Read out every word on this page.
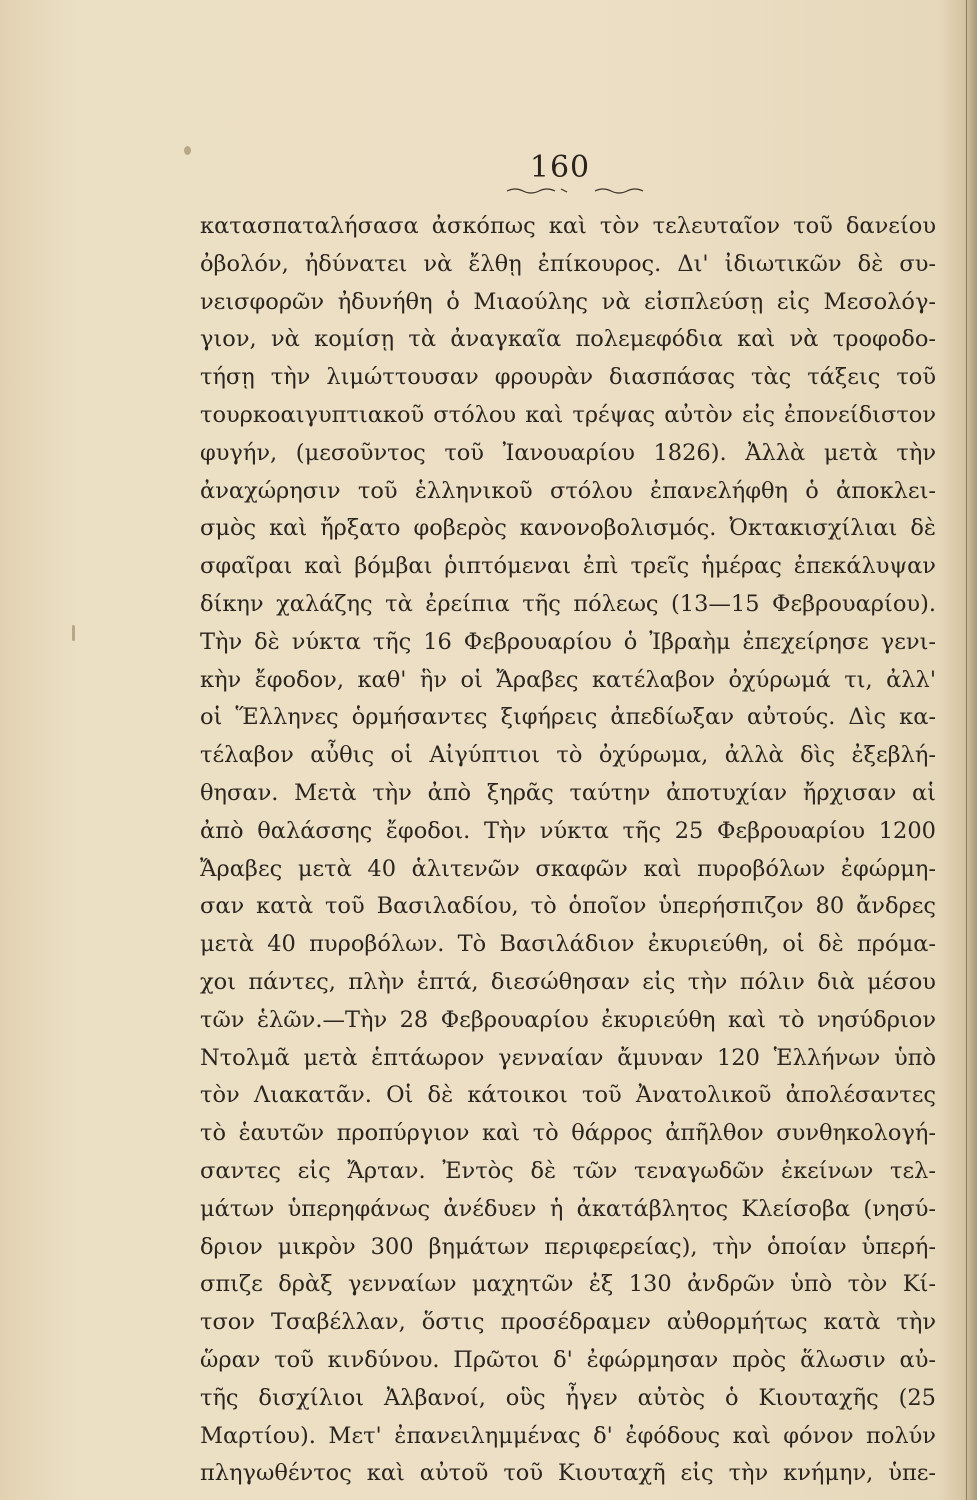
160
κατασπαταλήσασα ἀσκόπως καὶ τὸν τελευταῖον τοῦ δανείου
ὀβολόν, ἠδύνατει νὰ ἔλθῃ ἐπίκουρος. Δι' ἰδιωτικῶν δὲ συ-
νεισφορῶν ἠδυνήθη ὁ Μιαούλης νὰ εἰσπλεύσῃ εἰς Μεσολόγ-
γιον, νὰ κομίσῃ τὰ ἀναγκαῖα πολεμεφόδια καὶ νὰ τροφοδο-
τήσῃ τὴν λιμώττουσαν φρουρὰν διασπάσας τὰς τάξεις τοῦ
τουρκοαιγυπτιακοῦ στόλου καὶ τρέψας αὐτὸν εἰς ἐπονείδιστον
φυγήν, (μεσοῦντος τοῦ Ἰανουαρίου 1826). Ἀλλὰ μετὰ τὴν
ἀναχώρησιν τοῦ ἑλληνικοῦ στόλου ἐπανελήφθη ὁ ἀποκλει-
σμὸς καὶ ἤρξατο φοβερὸς κανονοβολισμός. Ὀκτακισχίλιαι δὲ
σφαῖραι καὶ βόμβαι ῥιπτόμεναι ἐπὶ τρεῖς ἡμέρας ἐπεκάλυψαν
δίκην χαλάζης τὰ ἐρείπια τῆς πόλεως (13—15 Φεβρουαρίου).
Τὴν δὲ νύκτα τῆς 16 Φεβρουαρίου ὁ Ἰβραὴμ ἐπεχείρησε γενι-
κὴν ἔφοδον, καθ' ἣν οἱ Ἄραβες κατέλαβον ὀχύρωμά τι, ἀλλ'
οἱ Ἕλληνες ὁρμήσαντες ξιφήρεις ἀπεδίωξαν αὐτούς. Δὶς κα-
τέλαβον αὖθις οἱ Αἰγύπτιοι τὸ ὀχύρωμα, ἀλλὰ δὶς ἐξεβλή-
θησαν. Μετὰ τὴν ἀπὸ ξηρᾶς ταύτην ἀποτυχίαν ἤρχισαν αἱ
ἀπὸ θαλάσσης ἔφοδοι. Τὴν νύκτα τῆς 25 Φεβρουαρίου 1200
Ἄραβες μετὰ 40 ἁλιτενῶν σκαφῶν καὶ πυροβόλων ἐφώρμη-
σαν κατὰ τοῦ Βασιλαδίου, τὸ ὁποῖον ὑπερήσπιζον 80 ἄνδρες
μετὰ 40 πυροβόλων. Τὸ Βασιλάδιον ἐκυριεύθη, οἱ δὲ πρόμα-
χοι πάντες, πλὴν ἑπτά, διεσώθησαν εἰς τὴν πόλιν διὰ μέσου
τῶν ἑλῶν.—Τὴν 28 Φεβρουαρίου ἐκυριεύθη καὶ τὸ νησύδριον
Ντολμᾶ μετὰ ἑπτάωρον γενναίαν ἄμυναν 120 Ἑλλήνων ὑπὸ
τὸν Λιακατᾶν. Οἱ δὲ κάτοικοι τοῦ Ἀνατολικοῦ ἀπολέσαντες
τὸ ἑαυτῶν προπύργιον καὶ τὸ θάρρος ἀπῆλθον συνθηκολογή-
σαντες εἰς Ἄρταν. Ἐντὸς δὲ τῶν τεναγωδῶν ἐκείνων τελ-
μάτων ὑπερηφάνως ἀνέδυεν ἡ ἀκατάβλητος Κλείσοβα (νησύ-
δριον μικρὸν 300 βημάτων περιφερείας), τὴν ὁποίαν ὑπερή-
σπιζε δρὰξ γενναίων μαχητῶν ἐξ 130 ἀνδρῶν ὑπὸ τὸν Κί-
τσον Τσαβέλλαν, ὅστις προσέδραμεν αὐθορμήτως κατὰ τὴν
ὥραν τοῦ κινδύνου. Πρῶτοι δ' ἐφώρμησαν πρὸς ἅλωσιν αὐ-
τῆς δισχίλιοι Ἀλβανοί, οὓς ἦγεν αὐτὸς ὁ Κιουταχῆς (25
Μαρτίου). Μετ' ἐπανειλημμένας δ' ἐφόδους καὶ φόνον πολύν
πληγωθέντος καὶ αὐτοῦ τοῦ Κιουταχῆ εἰς τὴν κνήμην, ὑπε-
